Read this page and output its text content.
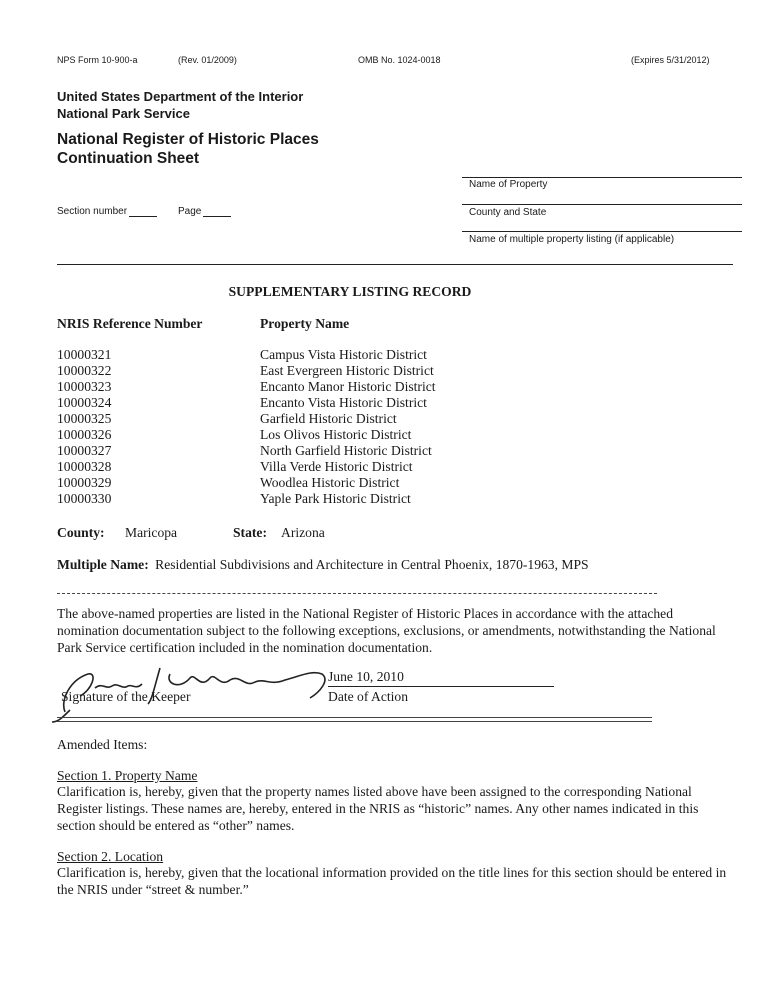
NPS Form 10-900-a	(Rev. 01/2009)	OMB No. 1024-0018	(Expires 5/31/2012)
United States Department of the Interior
National Park Service
National Register of Historic Places
Continuation Sheet
Name of Property
County and State
Name of multiple property listing (if applicable)
Section number	Page
SUPPLEMENTARY LISTING RECORD
NRIS Reference Number	Property Name
10000321	Campus Vista Historic District
10000322	East Evergreen Historic District
10000323	Encanto Manor Historic District
10000324	Encanto Vista Historic District
10000325	Garfield Historic District
10000326	Los Olivos Historic District
10000327	North Garfield Historic District
10000328	Villa Verde Historic District
10000329	Woodlea Historic District
10000330	Yaple Park Historic District
County: Maricopa	State: Arizona
Multiple Name: Residential Subdivisions and Architecture in Central Phoenix, 1870-1963, MPS
The above-named properties are listed in the National Register of Historic Places in accordance with the attached nomination documentation subject to the following exceptions, exclusions, or amendments, notwithstanding the National Park Service certification included in the nomination documentation.
Signature of the Keeper
June 10, 2010
Date of Action
Amended Items:
Section 1. Property Name
Clarification is, hereby, given that the property names listed above have been assigned to the corresponding National Register listings. These names are, hereby, entered in the NRIS as “historic” names. Any other names indicated in this section should be entered as “other” names.
Section 2. Location
Clarification is, hereby, given that the locational information provided on the title lines for this section should be entered in the NRIS under “street & number.”
